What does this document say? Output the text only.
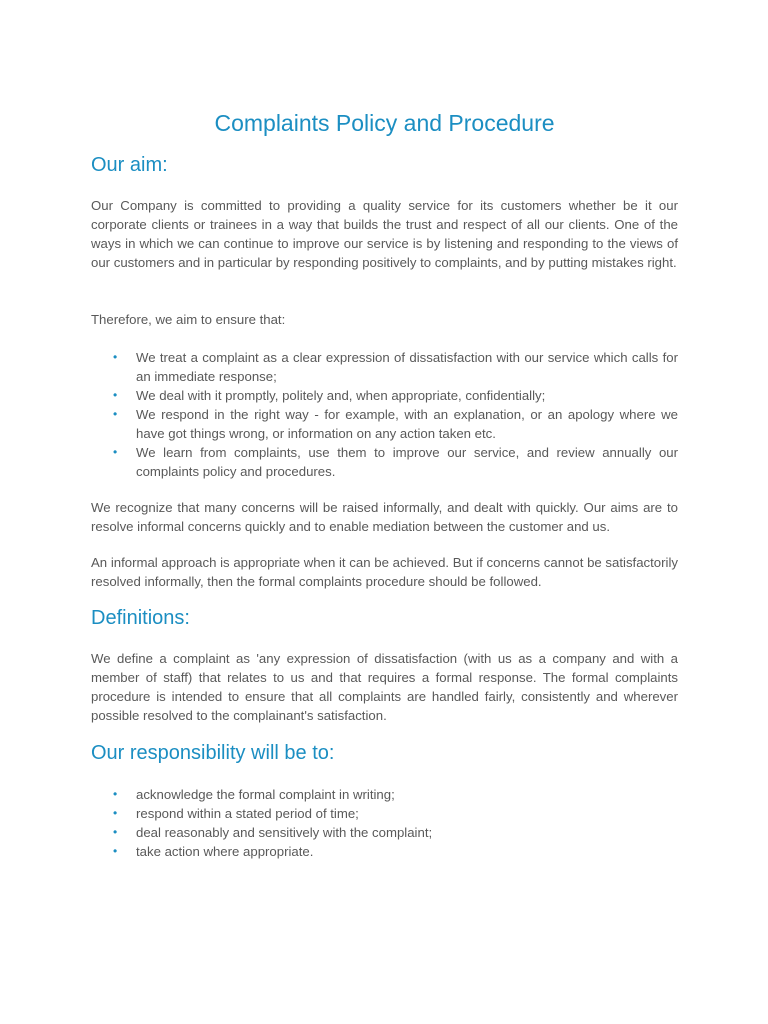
Complaints Policy and Procedure
Our aim:

Our Company is committed to providing a quality service for its customers whether be it our corporate clients or trainees in a way that builds the trust and respect of all our clients. One of the ways in which we can continue to improve our service is by listening and responding to the views of our customers and in particular by responding positively to complaints, and by putting mistakes right.

Therefore, we aim to ensure that:

• We treat a complaint as a clear expression of dissatisfaction with our service which calls for an immediate response;
• We deal with it promptly, politely and, when appropriate, confidentially;
• We respond in the right way - for example, with an explanation, or an apology where we have got things wrong, or information on any action taken etc.
• We learn from complaints, use them to improve our service, and review annually our complaints policy and procedures.

We recognize that many concerns will be raised informally, and dealt with quickly. Our aims are to resolve informal concerns quickly and to enable mediation between the customer and us.

An informal approach is appropriate when it can be achieved. But if concerns cannot be satisfactorily resolved informally, then the formal complaints procedure should be followed.

Definitions:

We define a complaint as 'any expression of dissatisfaction (with us as a company and with a member of staff) that relates to us and that requires a formal response. The formal complaints procedure is intended to ensure that all complaints are handled fairly, consistently and wherever possible resolved to the complainant's satisfaction.

Our responsibility will be to:
• acknowledge the formal complaint in writing;
• respond within a stated period of time;
• deal reasonably and sensitively with the complaint;
• take action where appropriate.
